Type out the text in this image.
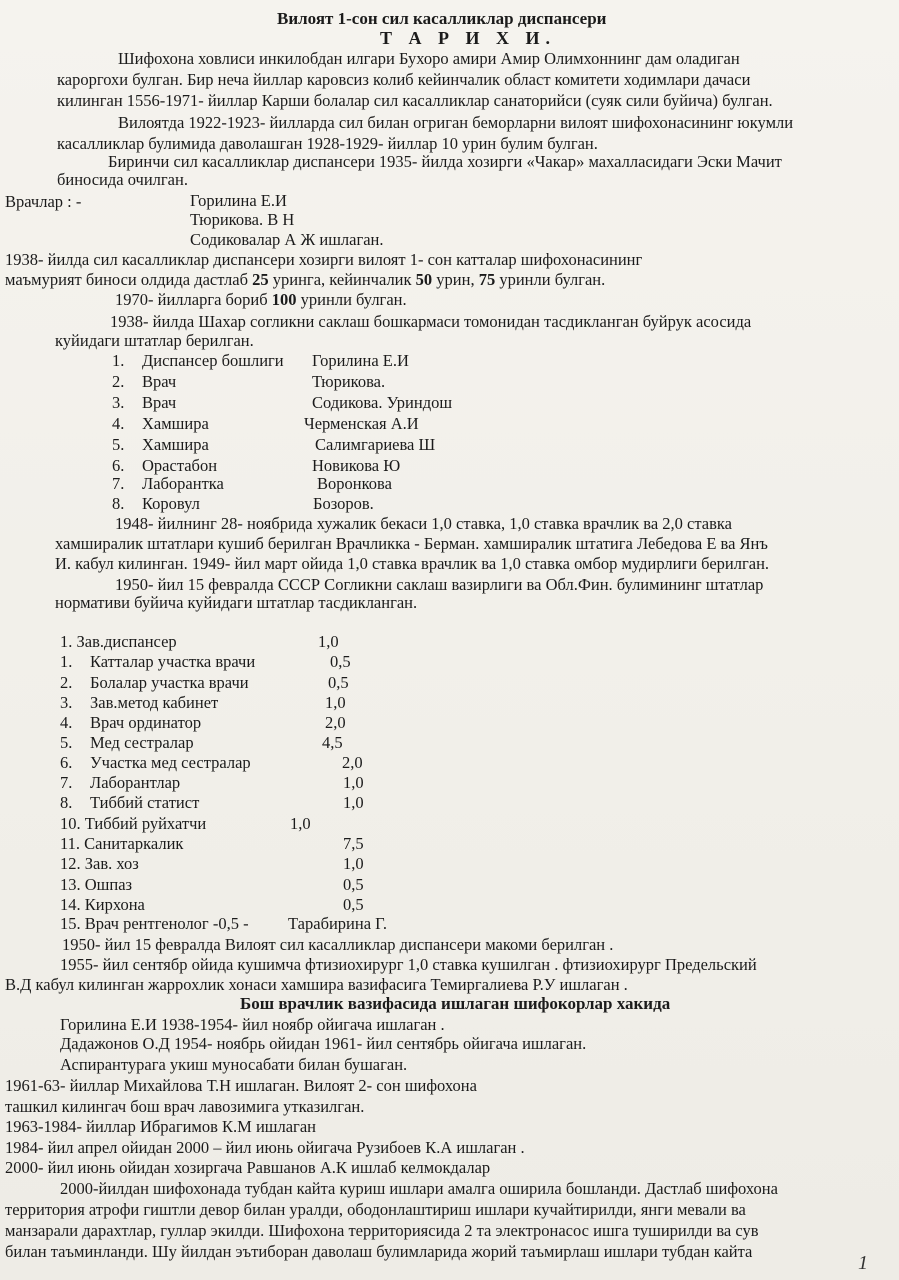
Вилоят 1-сон сил касалликлар диспансери
Т А Р И Х И.
Шифохона ховлиси инкилобдан илгари Бухоро амири Амир Олимхоннинг дам оладиган
кароргохи булган. Бир неча йиллар каровсиз колиб кейинчалик област комитети ходимлари дачаси
килинган 1556-1971- йиллар Карши болалар сил касалликлар санаторийси (суяк сили буйича) булган.
Вилоятда 1922-1923- йилларда сил билан огриган беморларни вилоят шифохонасининг юкумли
касалликлар булимида даволашган 1928-1929- йиллар 10 урин булим булган.
Биринчи сил касалликлар диспансери 1935- йилда хозирги «Чакар» махалласидаги Эски Мачит
биносида очилган.
Врачлар : -	Горилина Е.И
Тюрикова. В Н
Содиковалар А Ж ишлаган.
1938- йилда сил касалликлар диспансери хозирги вилоят 1- сон катталар шифохонасининг
маъмурият биноси олдида дастлаб 25 урингa, кейинчалик 50 урин, 75 уринли булган.
1970- йилларга бориб 100 уринли булган.
1938- йилда Шахар согликни саклаш бошкармаси томонидан тасдикланган буйрук асосида
куйидаги штатлар берилган.
1. Диспансер бошлиги Горилина Е.И
2. Врач	Тюрикова.
3. Врач	Содикова. Уриндош
4. Хамшира	Черменская А.И
5. Хамшира	Салимгариева Ш
6. Орастабон	Новикова Ю
7. Лаборантка	Воронкова
8. Коровул	Бозоров.
1948- йилнинг 28- ноябрида хужалик бекаси 1,0 ставка, 1,0 ставка врачлик ва 2,0 ставка
хамширалик штатлари кушиб берилган Врачликка - Берман. хамширалик штатига Лебедова Е ва Янъ
И. кабул килинган. 1949- йил март ойида 1,0 ставка врачлик ва 1,0 ставка омбор мудирлиги берилган.
1950- йил 15 февралда СССР Согликни саклаш вазирлиги ва Обл.Фин. булимининг штатлар
нормативи буйича куйидаги штатлар тасдикланган.
1. Зав.диспансер	1,0
1. Катталар участка врачи	0,5
2. Болалар участка врачи	0,5
3. Зав.метод кабинет	1,0
4. Врач ординатор	2,0
5. Мед сестралар	4,5
6. Участка мед сестралар	2,0
7. Лаборантлар	1,0
8. Тиббий статист	1,0
10. Тиббий руйхатчи	1,0
11. Санитаркалик	7,5
12. Зав. хоз	1,0
13. Ошпаз	0,5
14. Кирхона	0,5
15. Врач рентгенолог -0,5 - Тарабирина Г.
1950- йил 15 февралда Вилоят сил касалликлар диспансери макоми берилган .
1955- йил сентябр ойида кушимча фтизиохирург 1,0 ставка кушилган . фтизиохирург Предельский
В.Д кабул килинган жаррохлик хонаси хамшира вазифасига Темиргалиева Р.У ишлаган .
Бош врачлик вазифасида ишлаган шифокорлар хакида
Горилина Е.И 1938-1954- йил ноябр ойигача ишлаган .
Дадажонов О.Д 1954- ноябрь ойидан 1961- йил сентябрь ойигача ишлаган.
Аспирантурага укиш муносабати билан бушаган.
1961-63- йиллар Михайлова Т.Н ишлаган. Вилоят 2- сон шифохона
ташкил килингач бош врач лавозимига утказилган.
1963-1984- йиллар Ибрагимов К.М ишлаган
1984- йил апрел ойидан 2000 – йил июнь ойигача Рузибоев К.А ишлаган .
2000- йил июнь ойидан хозиргача Равшанов А.К ишлаб келмокдалар
2000-йилдан шифохонада тубдан кайта куриш ишлари амалга оширила бошланди. Дастлаб шифохона
территория атрофи гиштли девор билан уралди, ободонлаштириш ишлари кучайтирилди, янги мевали ва
манзарали дарахтлар, гуллар экилди. Шифохона территориясида 2 та электронасос ишга туширилди ва сув
билан таъминланди. Шу йилдан эътиборан даволаш булимларида жорий таъмирлаш ишлари тубдан кайта
1
